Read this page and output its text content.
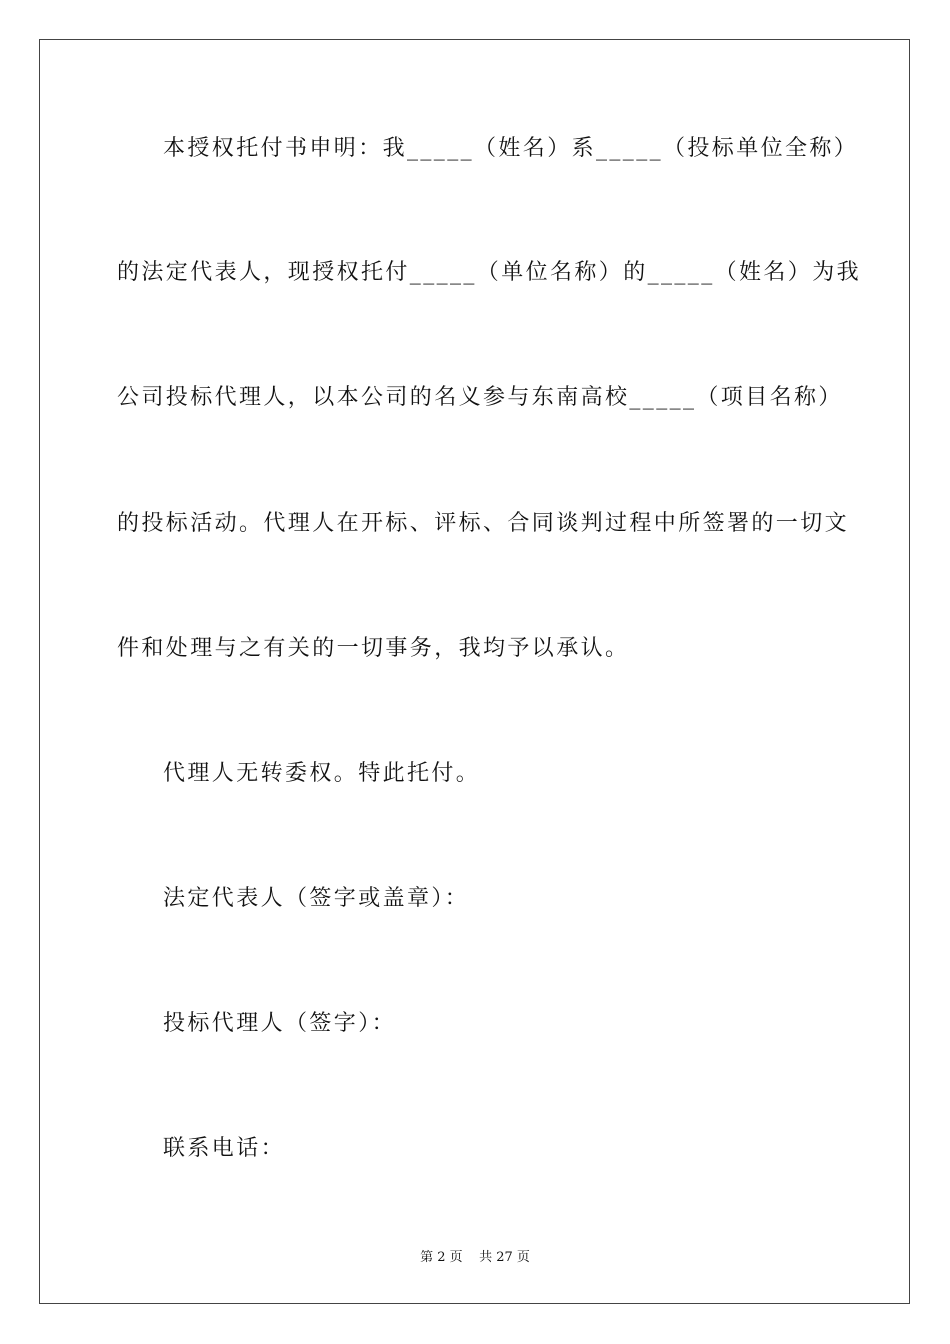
本授权托付书申明：我_____（姓名）系_____（投标单位全称）
的法定代表人，现授权托付_____（单位名称）的_____（姓名）为我
公司投标代理人，以本公司的名义参与东南高校_____（项目名称）
的投标活动。代理人在开标、评标、合同谈判过程中所签署的一切文
件和处理与之有关的一切事务，我均予以承认。
代理人无转委权。特此托付。
法定代表人（签字或盖章）：
投标代理人（签字）：
联系电话：
第 2 页    共 27 页
